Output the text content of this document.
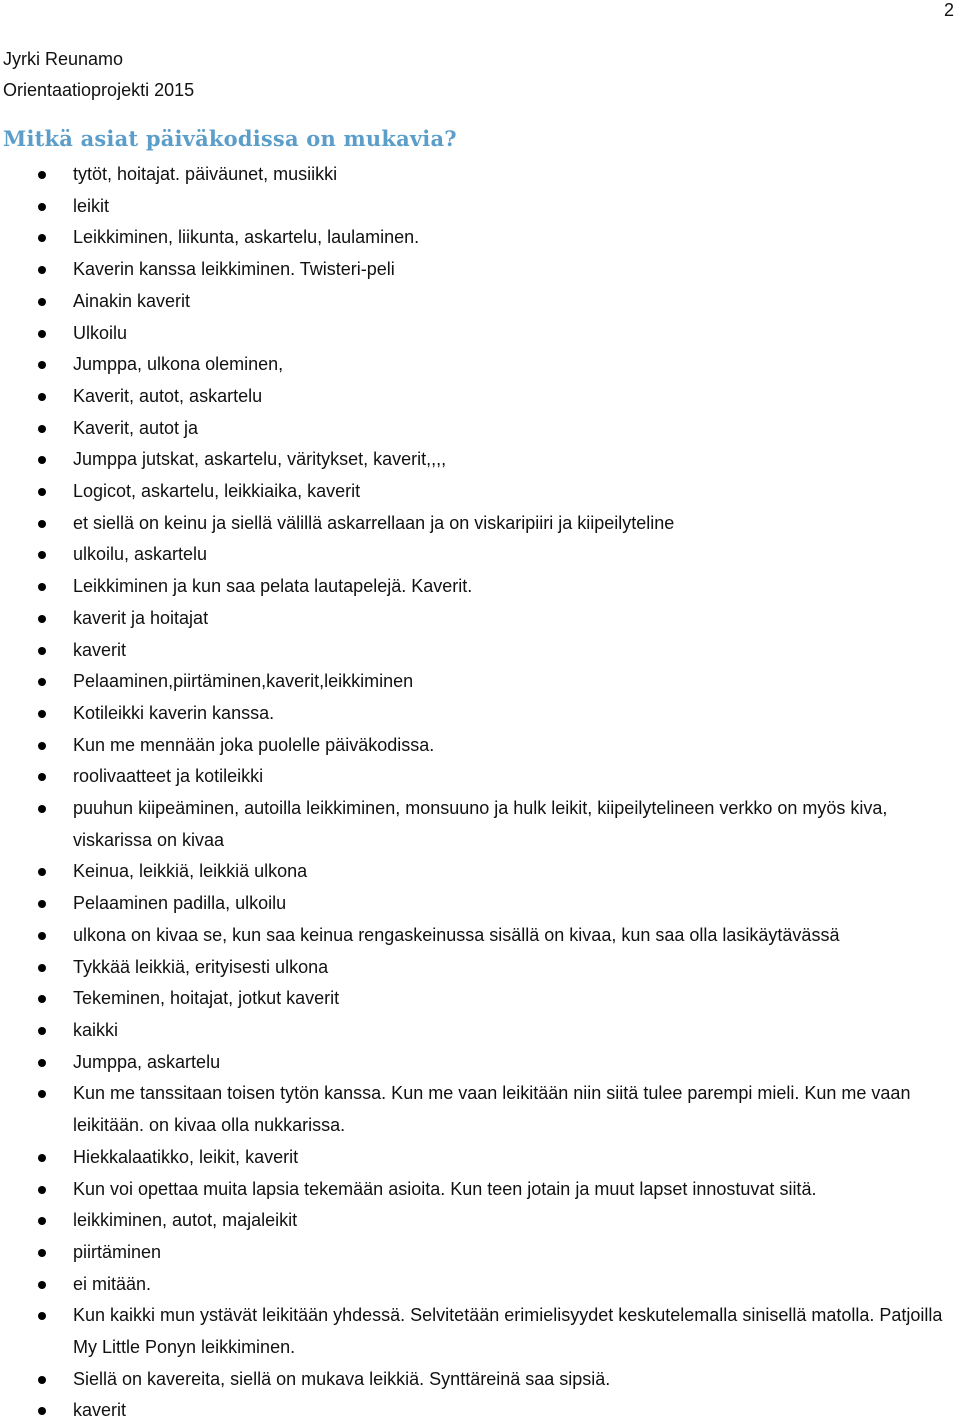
2
Jyrki Reunamo
Orientaatioprojekti 2015
Mitkä asiat päiväkodissa on mukavia?
tytöt, hoitajat. päiväunet, musiikki
leikit
Leikkiminen, liikunta, askartelu, laulaminen.
Kaverin kanssa leikkiminen. Twisteri-peli
Ainakin kaverit
Ulkoilu
Jumppa, ulkona oleminen,
Kaverit, autot, askartelu
Kaverit, autot ja
Jumppa jutskat, askartelu, väritykset, kaverit,,,,
Logicot, askartelu, leikkiaika, kaverit
et siellä on keinu ja siellä välillä askarrellaan ja on viskaripiiri ja kiipeilyteline
ulkoilu, askartelu
Leikkiminen ja kun saa pelata lautapelejä. Kaverit.
kaverit ja hoitajat
kaverit
Pelaaminen,piirtäminen,kaverit,leikkiminen
Kotileikki kaverin kanssa.
Kun me mennään joka puolelle päiväkodissa.
roolivaatteet ja kotileikki
puuhun kiipeäminen, autoilla leikkiminen, monsuuno ja hulk leikit, kiipeilytelineen verkko on myös kiva, viskarissa on kivaa
Keinua, leikkiä, leikkiä ulkona
Pelaaminen padilla, ulkoilu
ulkona on kivaa se, kun saa keinua rengaskeinussa sisällä on kivaa, kun saa olla lasikäytävässä
Tykkää leikkiä, erityisesti ulkona
Tekeminen, hoitajat, jotkut kaverit
kaikki
Jumppa, askartelu
Kun me tanssitaan toisen tytön kanssa. Kun me vaan leikitään niin siitä tulee parempi mieli. Kun me vaan leikitään. on kivaa olla nukkarissa.
Hiekkalaatikko, leikit, kaverit
Kun voi opettaa muita lapsia tekemään asioita. Kun teen jotain ja muut lapset innostuvat siitä.
leikkiminen, autot, majaleikit
piirtäminen
ei mitään.
Kun kaikki mun ystävät leikitään yhdessä. Selvitetään erimielisyydet keskutelemalla sinisellä matolla. Patjoilla My Little Ponyn leikkiminen.
Siellä on kavereita, siellä on mukava leikkiä. Synttäreinä saa sipsiä.
kaverit
